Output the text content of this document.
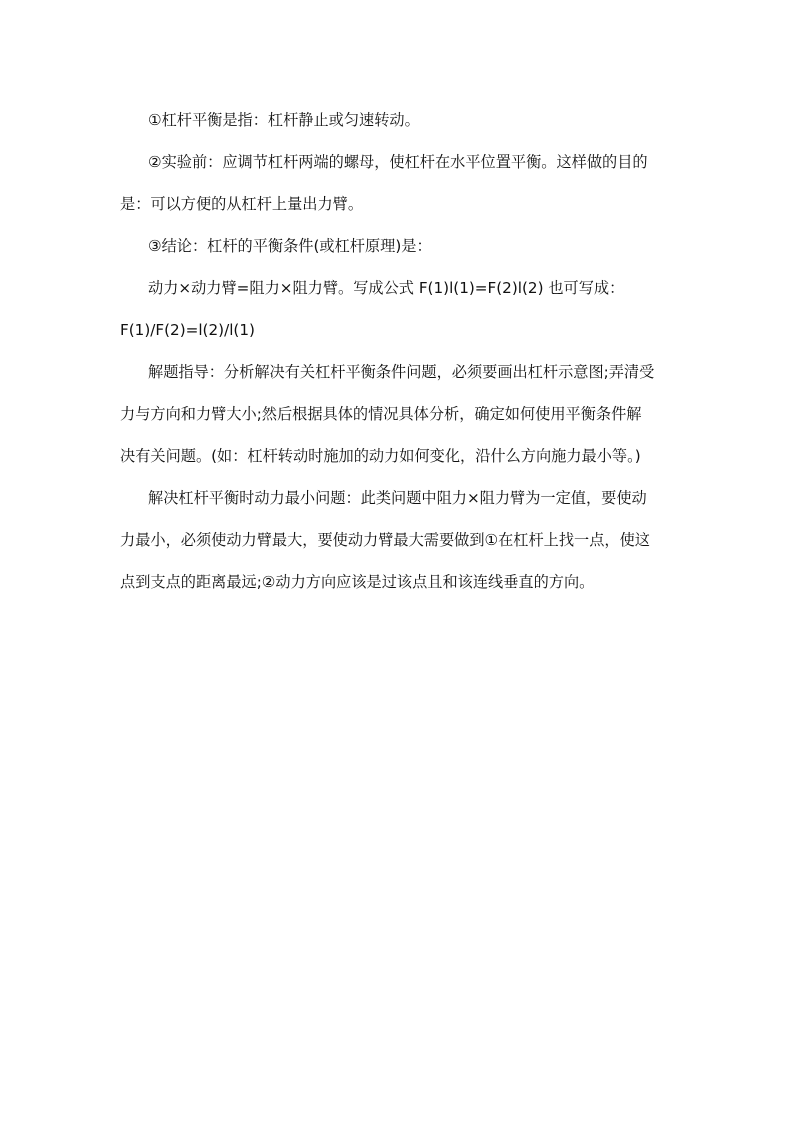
①杠杆平衡是指：杠杆静止或匀速转动。
②实验前：应调节杠杆两端的螺母，使杠杆在水平位置平衡。这样做的目的
是：可以方便的从杠杆上量出力臂。
③结论：杠杆的平衡条件(或杠杆原理)是：
动力×动力臂=阻力×阻力臂。写成公式 F(1)l(1)=F(2)l(2) 也可写成：
F(1)/F(2)=l(2)/l(1)
解题指导：分析解决有关杠杆平衡条件问题，必须要画出杠杆示意图;弄清受
力与方向和力臂大小;然后根据具体的情况具体分析，确定如何使用平衡条件解
决有关问题。(如：杠杆转动时施加的动力如何变化，沿什么方向施力最小等。)
解决杠杆平衡时动力最小问题：此类问题中阻力×阻力臂为一定值，要使动
力最小，必须使动力臂最大，要使动力臂最大需要做到①在杠杆上找一点，使这
点到支点的距离最远;②动力方向应该是过该点且和该连线垂直的方向。
